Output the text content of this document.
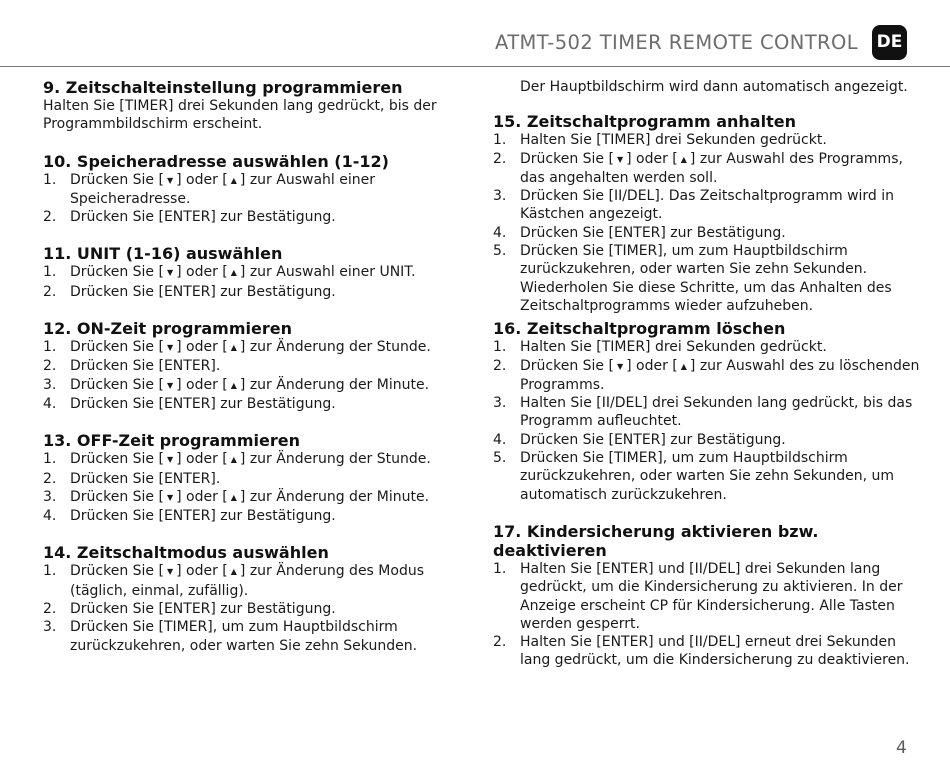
ATMT-502 TIMER REMOTE CONTROL DE
9. Zeitschalteinstellung programmieren

Halten Sie [TIMER] drei Sekunden lang gedrückt, bis der Programmbildschirm erscheint.

10. Speicheradresse auswählen (1-12)
1. Drücken Sie [ ▼ ] oder [ ▲ ] zur Auswahl einer Speicheradresse.
2. Drücken Sie [ENTER] zur Bestätigung.
11. UNIT (1-16) auswählen
1. Drücken Sie [ ▼ ] oder [ ▲ ] zur Auswahl einer UNIT.
2. Drücken Sie [ENTER] zur Bestätigung.
12. ON-Zeit programmieren
1. Drücken Sie [ ▼ ] oder [ ▲ ] zur Änderung der Stunde.
2. Drücken Sie [ENTER].
3. Drücken Sie [ ▼ ] oder [ ▲ ] zur Änderung der Minute.
4. Drücken Sie [ENTER] zur Bestätigung.
13. OFF-Zeit programmieren
1. Drücken Sie [ ▼ ] oder [ ▲ ] zur Änderung der Stunde.
2. Drücken Sie [ENTER].
3. Drücken Sie [ ▼ ] oder [ ▲ ] zur Änderung der Minute.
4. Drücken Sie [ENTER] zur Bestätigung.
14. Zeitschaltmodus auswählen
1. Drücken Sie [ ▼ ] oder [ ▲ ] zur Änderung des Modus (täglich, einmal, zufällig).
2. Drücken Sie [ENTER] zur Bestätigung.
3. Drücken Sie [TIMER], um zum Hauptbildschirm zurückzukehren, oder warten Sie zehn Sekunden.

Der Hauptbildschirm wird dann automatisch angezeigt.

15. Zeitschaltprogramm anhalten
1. Halten Sie [TIMER] drei Sekunden gedrückt.
2. Drücken Sie [ ▼ ] oder [ ▲ ] zur Auswahl des Programms, das angehalten werden soll.
3. Drücken Sie [II/DEL]. Das Zeitschaltprogramm wird in Kästchen angezeigt.
4. Drücken Sie [ENTER] zur Bestätigung.
5. Drücken Sie [TIMER], um zum Hauptbildschirm zurückzukehren, oder warten Sie zehn Sekunden. Wiederholen Sie diese Schritte, um das Anhalten des Zeitschaltprogramms wieder aufzuheben.
16. Zeitschaltprogramm löschen
1. Halten Sie [TIMER] drei Sekunden gedrückt.
2. Drücken Sie [ ▼ ] oder [ ▲ ] zur Auswahl des zu löschenden Programms.
3. Halten Sie [II/DEL] drei Sekunden lang gedrückt, bis das Programm aufleuchtet.
4. Drücken Sie [ENTER] zur Bestätigung.
5. Drücken Sie [TIMER], um zum Hauptbildschirm zurückzukehren, oder warten Sie zehn Sekunden, um automatisch zurückzukehren.
17. Kindersicherung aktivieren bzw. deaktivieren
1. Halten Sie [ENTER] und [II/DEL] drei Sekunden lang gedrückt, um die Kindersicherung zu aktivieren. In der Anzeige erscheint CP für Kindersicherung. Alle Tasten werden gesperrt.
2. Halten Sie [ENTER] und [II/DEL] erneut drei Sekunden lang gedrückt, um die Kindersicherung zu deaktivieren.
4
